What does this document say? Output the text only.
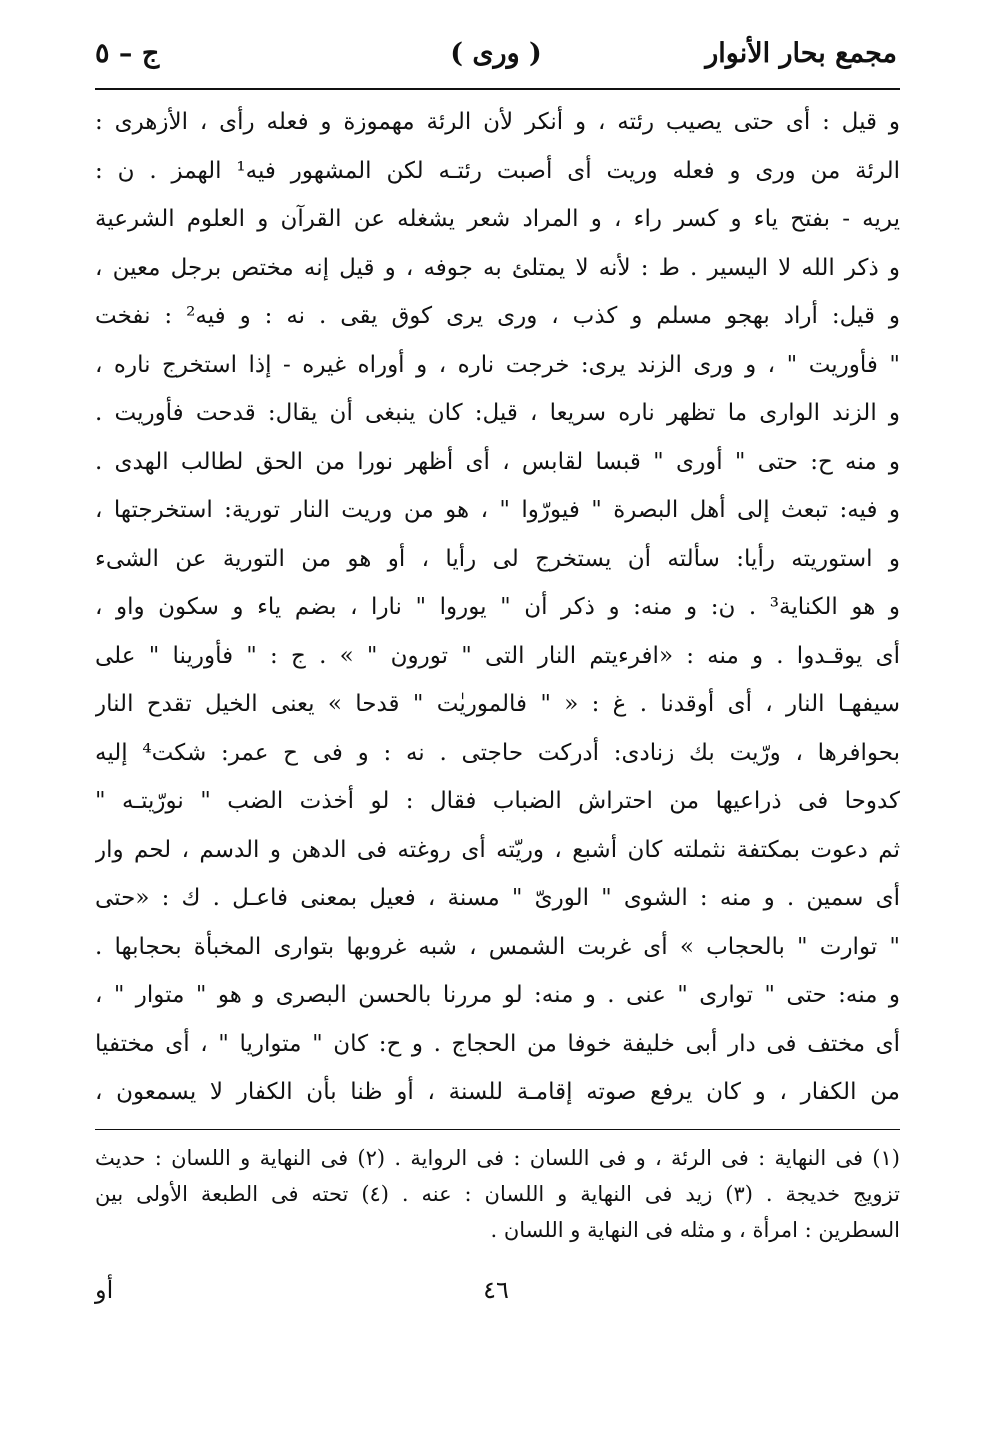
ج – ٥	( ورى )	مجمع بحار الأنوار
و قيل : أى حتى يصيب رئته ، و أنكر لأن الرئة مهموزة و فعله رأى ، الأزهرى :
الرئة من ورى و فعله وريت أى أصبت رئتـه لكن المشهور فيه¹ الهمز . ن :
يريه - بفتح ياء و كسر راء ، و المراد شعر يشغله عن القرآن و العلوم الشرعية
و ذكر الله لا اليسير . ط : لأنه لا يمتلئ به جوفه ، و قيل إنه مختص برجل معين ،
و قيل: أراد بهجو مسلم و كذب ، ورى يرى كوق يقى . نه : و فيه² : نفخت
" فأوريت " ، و ورى الزند يرى: خرجت ناره ، و أوراه غيره - إذا استخرج ناره ،
و الزند الوارى ما تظهر ناره سريعا ، قيل: كان ينبغى أن يقال: قدحت فأوريت .
و منه ح: حتى " أورى " قبسا لقابس ، أى أظهر نورا من الحق لطالب الهدى .
و فيه: تبعث إلى أهل البصرة " فيورّوا " ، هو من وريت النار تورية: استخرجتها ،
و استوريته رأيا: سألته أن يستخرج لى رأيا ، أو هو من التورية عن الشىء
و هو الكناية³ . ن: و منه: و ذكر أن " يوروا " نارا ، بضم ياء و سكون واو ،
أى يوقـدوا . و منه : «افرءيتم النار التى " تورون " » . ج : " فأورينا " على
سيفهـا النار ، أى أوقدنا . غ : « " فالموريٰت " قدحا » يعنى الخيل تقدح النار
بحوافرها ، ورّيت بك زنادى: أدركت حاجتى . نه : و فى ح عمر: شكت⁴ إليه
كدوحا فى ذراعيها من احتراش الضباب فقال : لو أخذت الضب " نورّيتـه "
ثم دعوت بمكتفة نثملته كان أشبع ، وريّته أى روغته فى الدهن و الدسم ، لحم وار
أى سمين . و منه : الشوى " الورىّ " مسنة ، فعيل بمعنى فاعـل . ك : «حتى
" توارت " بالحجاب » أى غربت الشمس ، شبه غروبها بتوارى المخبأة بحجابها .
و منه: حتى " توارى " عنى . و منه: لو مررنا بالحسن البصرى و هو " متوار " ،
أى مختف فى دار أبى خليفة خوفا من الحجاج . و ح: كان " متواريا " ، أى مختفيا
من الكفار ، و كان يرفع صوته إقامـة للسنة ، أو ظنا بأن الكفار لا يسمعون ،
(١) فى النهاية : فى الرئة ، و فى اللسان : فى الرواية . (٢) فى النهاية و اللسان : حديث
تزويج خديجة . (٣) زيد فى النهاية و اللسان : عنه . (٤) تحته فى الطبعة الأولى بين
السطرين : امرأة ، و مثله فى النهاية و اللسان .
٤٦
أو
